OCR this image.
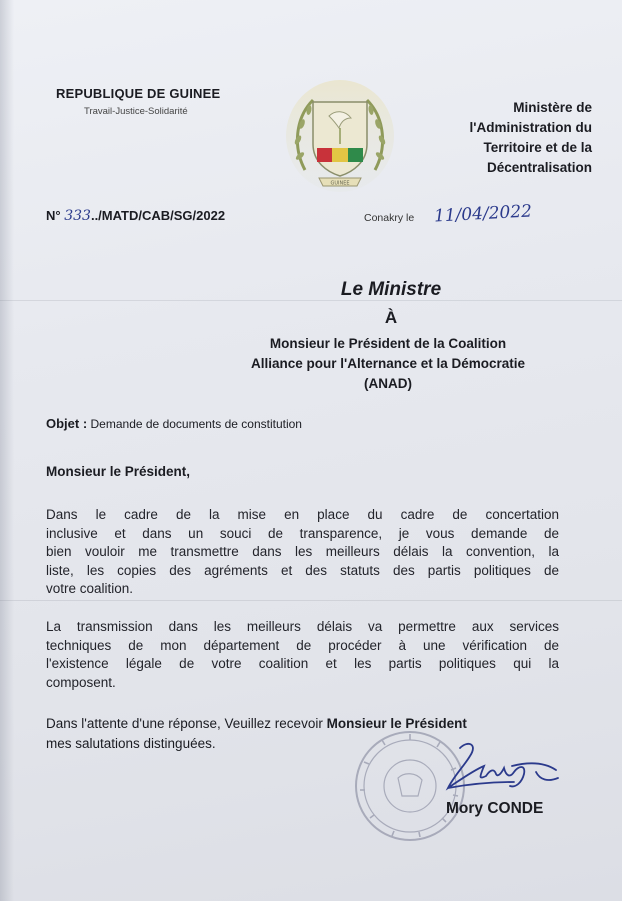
REPUBLIQUE DE GUINEE
Travail-Justice-Solidarité
GUINEE
Ministère de
l'Administration du
Territoire et de la
Décentralisation
N° 333../MATD/CAB/SG/2022	Conakry le 11/04/2022
Le Ministre
À
Monsieur le Président de la Coalition
Alliance pour l'Alternance et la Démocratie
(ANAD)
Objet : Demande de documents de constitution
Monsieur le Président,
Dans le cadre de la mise en place du cadre de concertation
inclusive et dans un souci de transparence, je vous demande de
bien vouloir me transmettre dans les meilleurs délais la convention, la
liste, les copies des agréments et des statuts des partis politiques de
votre coalition.
La transmission dans les meilleurs délais va permettre aux services
techniques de mon département de procéder à une vérification de
l'existence légale de votre coalition et les partis politiques qui la
composent.
Dans l'attente d'une réponse, Veuillez recevoir Monsieur le Président
mes salutations distinguées.
Mory CONDE
